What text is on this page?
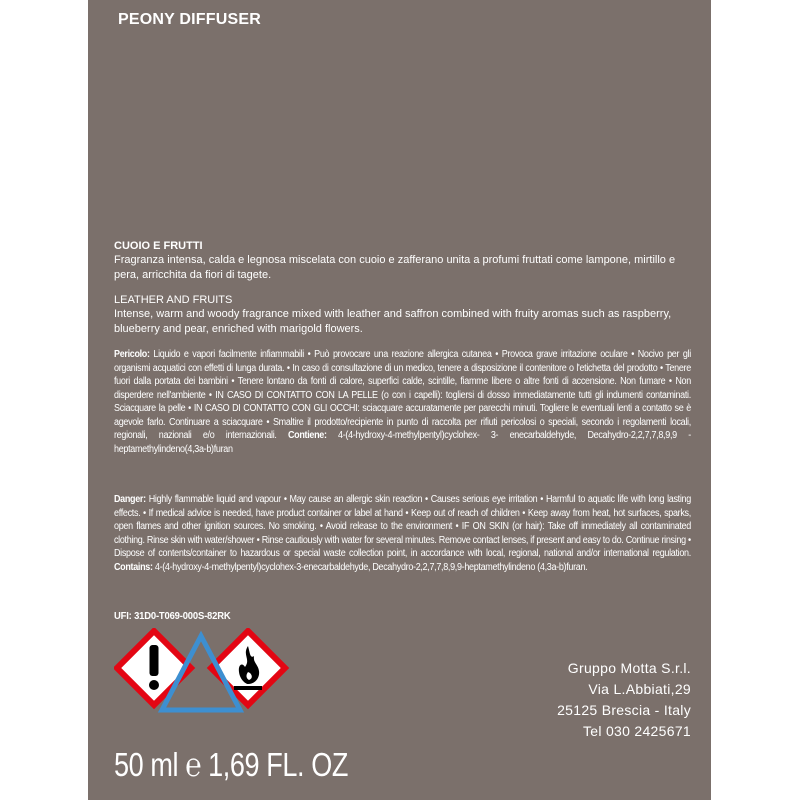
PEONY DIFFUSER
CUOIO E FRUTTI
Fragranza intensa, calda e legnosa miscelata con cuoio e zafferano unita a profumi fruttati come lampone, mirtillo e pera, arricchita da fiori di tagete.
LEATHER AND FRUITS
Intense, warm and woody fragrance mixed with leather and saffron combined with fruity aromas such as raspberry, blueberry and pear, enriched with marigold flowers.
Pericolo: Liquido e vapori facilmente infiammabili • Può provocare una reazione allergica cutanea • Provoca grave irritazione oculare • Nocivo per gli organismi acquatici con effetti di lunga durata. • In caso di consultazione di un medico, tenere a disposizione il contenitore o l'etichetta del prodotto • Tenere fuori dalla portata dei bambini • Tenere lontano da fonti di calore, superfici calde, scintille, fiamme libere o altre fonti di accensione. Non fumare • Non disperdere nell'ambiente • IN CASO DI CONTATTO CON LA PELLE (o con i capelli): togliersi di dosso immediatamente tutti gli indumenti contaminati. Sciacquare la pelle • IN CASO DI CONTATTO CON GLI OCCHI: sciacquare accuratamente per parecchi minuti. Togliere le eventuali lenti a contatto se è agevole farlo. Continuare a sciacquare • Smaltire il prodotto/recipiente in punto di raccolta per rifiuti pericolosi o speciali, secondo i regolamenti locali, regionali, nazionali e/o internazionali. Contiene: 4-(4-hydroxy-4-methylpentyl)cyclohex- 3- enecarbaldehyde, Decahydro-2,2,7,7,8,9,9 - heptamethylindeno(4,3a-b)furan
Danger: Highly flammable liquid and vapour • May cause an allergic skin reaction • Causes serious eye irritation • Harmful to aquatic life with long lasting effects. • If medical advice is needed, have product container or label at hand • Keep out of reach of children • Keep away from heat, hot surfaces, sparks, open flames and other ignition sources. No smoking. • Avoid release to the environment • IF ON SKIN (or hair): Take off immediately all contaminated clothing. Rinse skin with water/shower • Rinse cautiously with water for several minutes. Remove contact lenses, if present and easy to do. Continue rinsing • Dispose of contents/container to hazardous or special waste collection point, in accordance with local, regional, national and/or international regulation. Contains: 4-(4-hydroxy-4-methylpentyl)cyclohex-3-enecarbaldehyde, Decahydro-2,2,7,7,8,9,9-heptamethylindeno (4,3a-b)furan.
UFI: 31D0-T069-000S-82RK
Gruppo Motta S.r.l.
Via L.Abbiati,29
25125 Brescia - Italy
Tel 030 2425671
50 ml ℮ 1,69 FL. OZ
